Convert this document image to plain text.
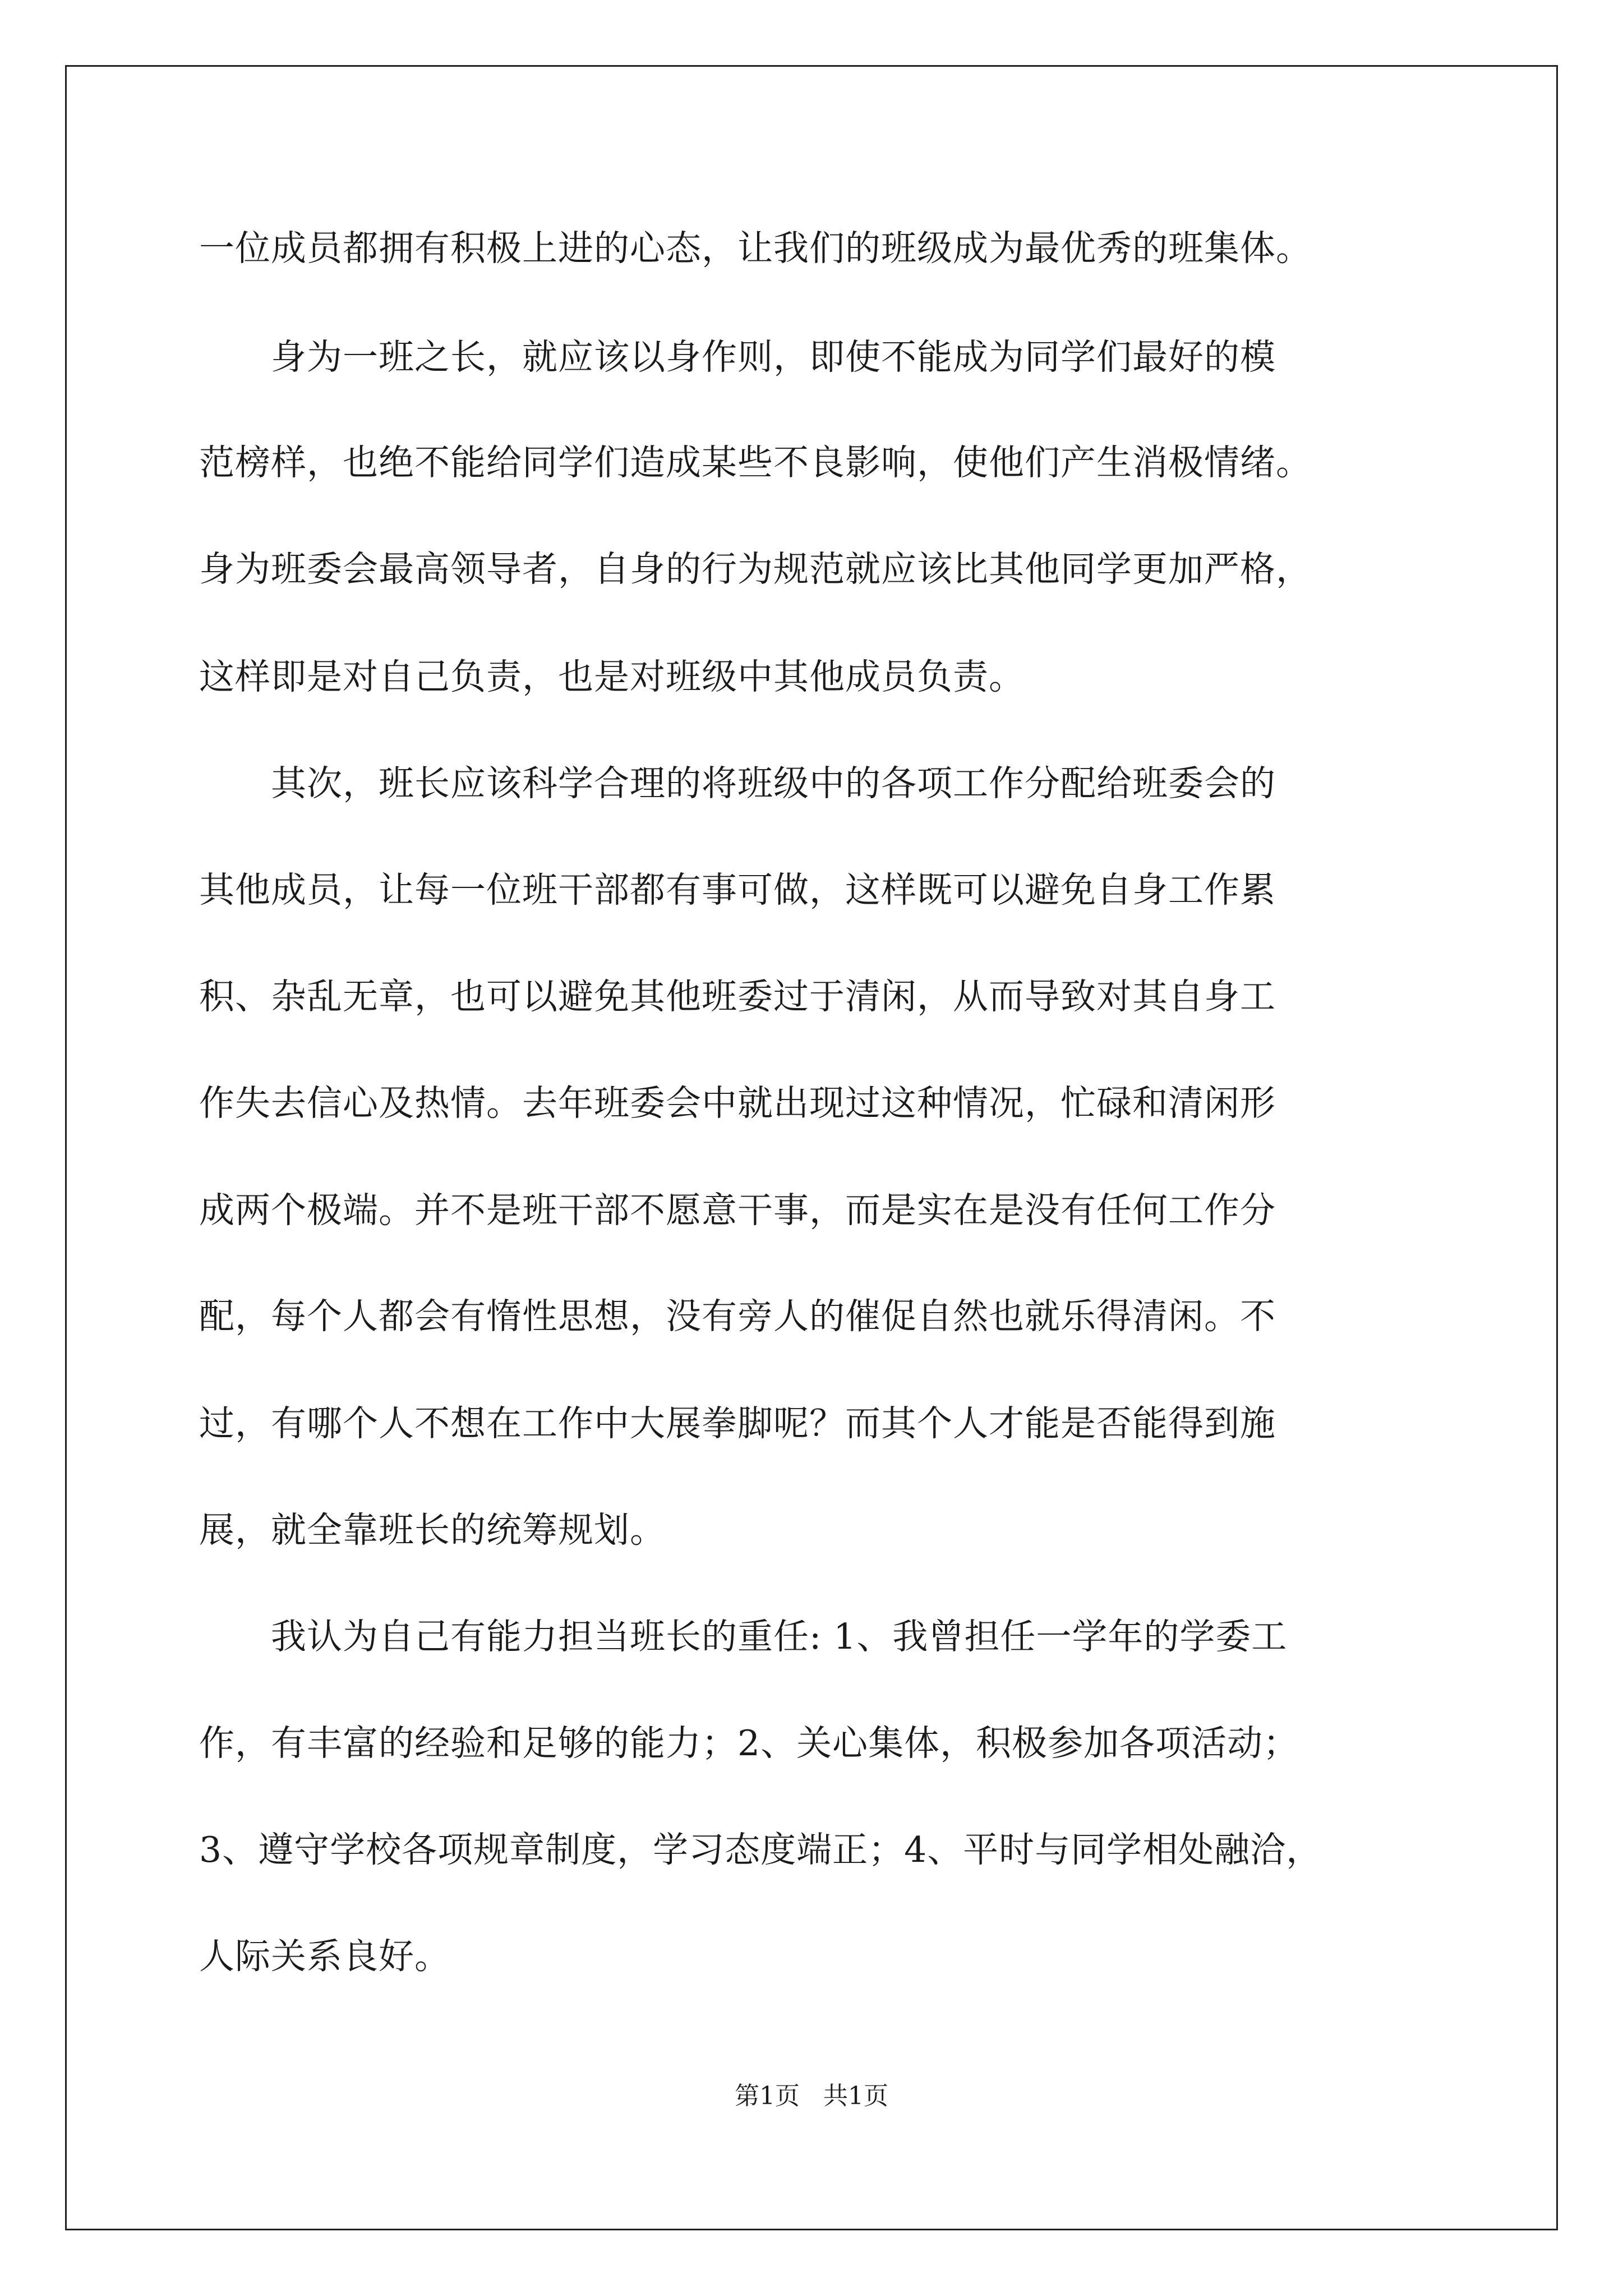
一位成员都拥有积极上进的心态，让我们的班级成为最优秀的班集体。

　　身为一班之长，就应该以身作则，即使不能成为同学们最好的模

范榜样，也绝不能给同学们造成某些不良影响，使他们产生消极情绪。

身为班委会最高领导者，自身的行为规范就应该比其他同学更加严格，

这样即是对自己负责，也是对班级中其他成员负责。

　　其次，班长应该科学合理的将班级中的各项工作分配给班委会的

其他成员，让每一位班干部都有事可做，这样既可以避免自身工作累

积、杂乱无章，也可以避免其他班委过于清闲，从而导致对其自身工

作失去信心及热情。去年班委会中就出现过这种情况，忙碌和清闲形

成两个极端。并不是班干部不愿意干事，而是实在是没有任何工作分

配，每个人都会有惰性思想，没有旁人的催促自然也就乐得清闲。不

过，有哪个人不想在工作中大展拳脚呢？而其个人才能是否能得到施

展，就全靠班长的统筹规划。

　　我认为自己有能力担当班长的重任: 1、我曾担任一学年的学委工

作，有丰富的经验和足够的能力；2、关心集体，积极参加各项活动；

3、遵守学校各项规章制度，学习态度端正；4、平时与同学相处融洽，

人际关系良好。

第1页   共1页
